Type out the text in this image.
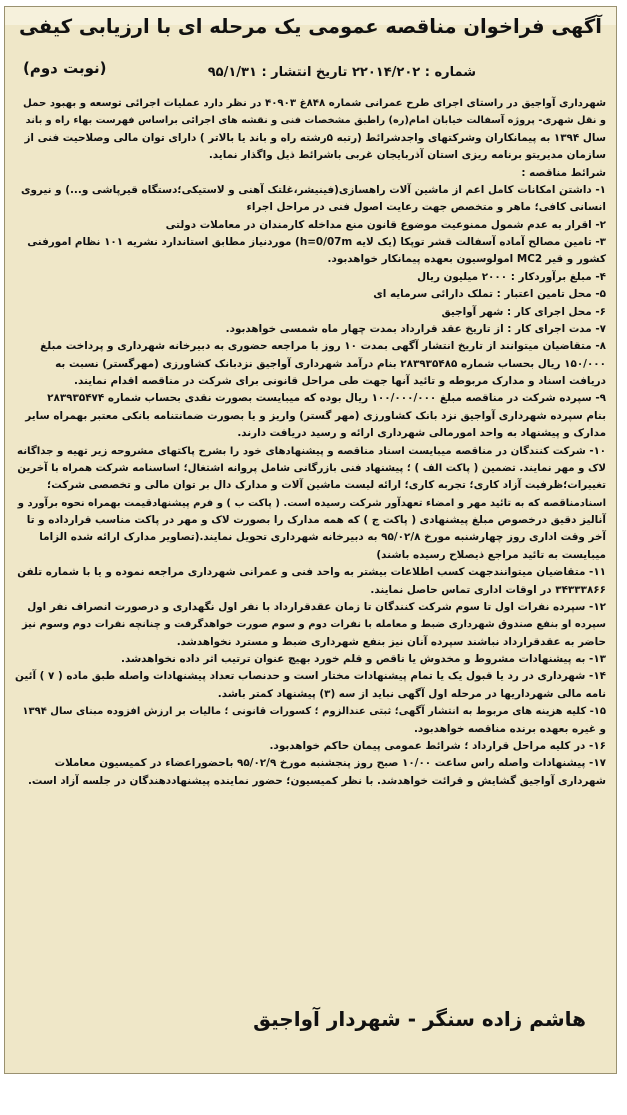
آگهی فراخوان مناقصه عمومی یک مرحله ای با ارزیابی کیفی
(نوبت دوم)	شماره : ۲۲۰۱۴/۲۰۲ تاریخ انتشار : ۹۵/۱/۳۱

شهرداری آواجیق در راستای اجرای طرح عمرانی شماره ۸۴۸غ ۴۰۹۰۳ در نظر دارد عملیات اجرائی توسعه و بهبود حمل

و نقل شهری- پروژه آسفالت خیابان امام(ره) راطبق مشخصات فنی و نقشه های اجرائی براساس فهرست بهاء راه و باند

سال ۱۳۹۴ به پیمانکاران وشرکتهای واجدشرائط (رتبه ۵رشته راه و باند یا بالاتر ) دارای توان مالی وصلاحیت فنی از

سازمان مدیریتو برنامه ریزی استان آذربایجان غربی باشرائط ذیل واگذار نماید.

شرائط مناقصه :

۱- داشتن امکانات کامل اعم از ماشین آلات راهسازی(فینیشر،غلتک آهنی و لاستیکی؛دستگاه قیرپاشی و...) و نیروی

انسانی کافی؛ ماهر و متخصص جهت رعایت اصول فنی در مراحل اجراء

۲- اقرار به عدم شمول ممنوعیت موضوع قانون منع مداخله کارمندان در معاملات دولتی

۳- تامین مصالح آماده آسفالت قشر توپکا (یک لایه h=0/07m) موردنیاز مطابق استاندارد نشریه ۱۰۱ نظام امورفنی

کشور و قیر MC2 امولوسیون بعهده پیمانکار خواهدبود.

۴- مبلغ برآوردکار : ۲۰۰۰ میلیون ریال

۵- محل تامین اعتبار : تملک دارائی سرمایه ای

۶- محل اجرای کار : شهر آواجیق

۷- مدت اجرای کار : از تاریخ عقد قرارداد بمدت چهار ماه شمسی خواهدبود.

۸- متقاضیان میتوانند از تاریخ انتشار آگهی بمدت ۱۰ روز با مراجعه حضوری به دبیرخانه شهرداری و پرداخت مبلغ

۱۵۰/۰۰۰ ریال بحساب شماره ۲۸۳۹۳۵۴۸۵ بنام درآمد شهرداری آواجیق نزدبانک کشاورزی (مهرگستر) نسبت به

دریافت اسناد و مدارک مربوطه و تائید آنها جهت طی مراحل قانونی برای شرکت در مناقصه اقدام نمایند.

۹- سپرده شرکت در مناقصه مبلغ ۱۰۰/۰۰۰/۰۰۰ ریال بوده که میبایست بصورت نقدی بحساب شماره ۲۸۳۹۳۵۴۷۴

بنام سپرده شهرداری آواجیق نزد بانک کشاورزی (مهر گستر) واریز و یا بصورت ضمانتنامه بانکی معتبر بهمراه سایر

مدارک و پیشنهاد به واحد امورمالی شهرداری ارائه و رسید دریافت دارند.

۱۰- شرکت کنندگان در مناقصه میبایست اسناد مناقصه و پیشنهادهای خود را بشرح پاکتهای مشروحه زیر تهیه و جداگانه

لاک و مهر نمایند. تضمین ( پاکت الف ) ؛ پیشنهاد فنی بازرگانی شامل پروانه اشتغال؛ اساسنامه شرکت همراه با آخرین

تغییرات؛ظرفیت آزاد کاری؛ تجربه کاری؛ ارائه لیست ماشین آلات و مدارک دال بر توان مالی و تخصصی شرکت؛

اسنادمناقصه که به تائید مهر و امضاء تعهدآور شرکت رسیده است. ( پاکت ب ) و فرم پیشنهادقیمت بهمراه نحوه برآورد و

آنالیز دقیق درخصوص مبلغ پیشنهادی ( پاکت ج ) که همه مدارک را بصورت لاک و مهر در پاکت مناسب قرارداده و تا

آخر وقت اداری روز چهارشنبه مورخ ۹۵/۰۲/۸ به دبیرخانه شهرداری تحویل نمایند.(تصاویر مدارک ارائه شده الزاما

میبایست به تائید مراجع ذیصلاح رسیده باشند)

۱۱- متقاضیان میتوانندجهت کسب اطلاعات بیشتر به واحد فنی و عمرانی شهرداری مراجعه نموده و یا با شماره تلفن

۳۴۳۳۳۸۶۶ در اوقات اداری تماس حاصل نمایند.

۱۲- سپرده نفرات اول تا سوم شرکت کنندگان تا زمان عقدقرارداد با نفر اول نگهداری و درصورت انصراف نفر اول

سپرده او بنفع صندوق شهرداری ضبط و معامله با نفرات دوم و سوم صورت خواهدگرفت و چنانچه نفرات دوم وسوم نیز

حاضر به عقدقرارداد نباشند سپرده آنان نیز بنفع شهرداری ضبط و مسترد نخواهدشد.

۱۳- به پیشنهادات مشروط و مخدوش یا ناقص و قلم خورد بهیچ عنوان ترتیب اثر داده نخواهدشد.

۱۴- شهرداری در رد یا قبول یک یا تمام پیشنهادات مختار است و حدنصاب تعداد پیشنهادات واصله طبق ماده ( ۷ ) آئین

نامه مالی شهرداریها در مرحله اول آگهی نباید از سه (۳) پیشنهاد کمتر باشد.

۱۵- کلیه هزینه های مربوط به انتشار آگهی؛ ثبتی عندالزوم ؛ کسورات قانونی ؛ مالیات بر ارزش افزوده مبنای سال ۱۳۹۴

و غیره بعهده برنده مناقصه خواهدبود.

۱۶- در کلیه مراحل قرارداد ؛ شرائط عمومی پیمان حاکم خواهدبود.

۱۷- پیشنهادات واصله راس ساعت ۱۰/۰۰ صبح روز پنجشنبه مورخ ۹۵/۰۲/۹ باحضوراعضاء در کمیسیون معاملات

شهرداری آواجیق گشایش و قرائت خواهدشد. با نظر کمیسیون؛ حضور نماینده پیشنهاددهندگان در جلسه آزاد است.

هاشم زاده سنگر - شهردار آواجیق
